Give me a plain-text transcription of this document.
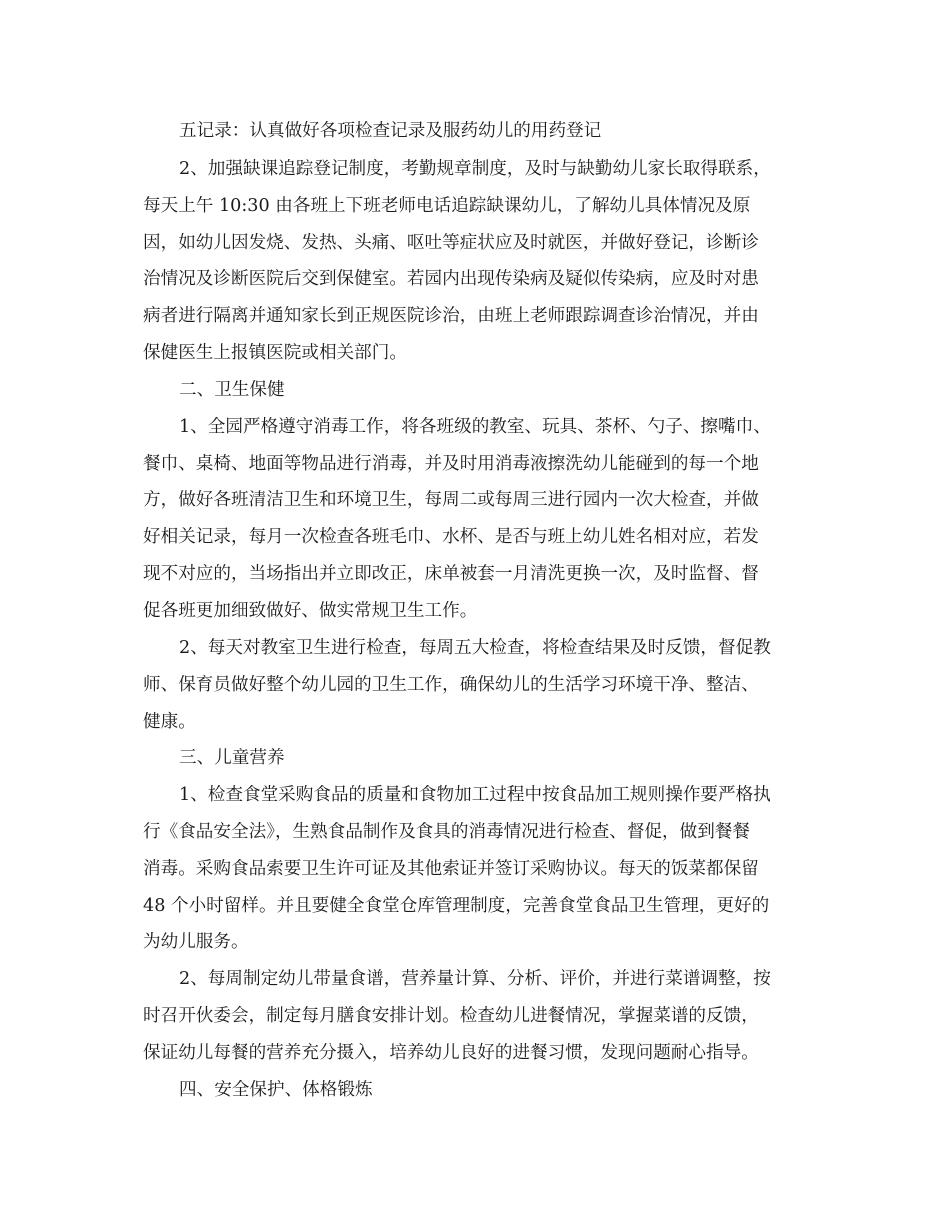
五记录：认真做好各项检查记录及服药幼儿的用药登记

2、加强缺课追踪登记制度，考勤规章制度，及时与缺勤幼儿家长取得联系，

每天上午 10:30 由各班上下班老师电话追踪缺课幼儿，了解幼儿具体情况及原

因，如幼儿因发烧、发热、头痛、呕吐等症状应及时就医，并做好登记，诊断诊

治情况及诊断医院后交到保健室。若园内出现传染病及疑似传染病，应及时对患

病者进行隔离并通知家长到正规医院诊治，由班上老师跟踪调查诊治情况，并由

保健医生上报镇医院或相关部门。

二、卫生保健

1、全园严格遵守消毒工作，将各班级的教室、玩具、茶杯、勺子、擦嘴巾、

餐巾、桌椅、地面等物品进行消毒，并及时用消毒液擦洗幼儿能碰到的每一个地

方，做好各班清洁卫生和环境卫生，每周二或每周三进行园内一次大检查，并做

好相关记录，每月一次检查各班毛巾、水杯、是否与班上幼儿姓名相对应，若发

现不对应的，当场指出并立即改正，床单被套一月清洗更换一次，及时监督、督

促各班更加细致做好、做实常规卫生工作。

2、每天对教室卫生进行检查，每周五大检查，将检查结果及时反馈，督促教

师、保育员做好整个幼儿园的卫生工作，确保幼儿的生活学习环境干净、整洁、

健康。

三、儿童营养

1、检查食堂采购食品的质量和食物加工过程中按食品加工规则操作要严格执

行《食品安全法》，生熟食品制作及食具的消毒情况进行检查、督促，做到餐餐

消毒。采购食品索要卫生许可证及其他索证并签订采购协议。每天的饭菜都保留

48 个小时留样。并且要健全食堂仓库管理制度，完善食堂食品卫生管理，更好的

为幼儿服务。

2、每周制定幼儿带量食谱，营养量计算、分析、评价，并进行菜谱调整，按

时召开伙委会，制定每月膳食安排计划。检查幼儿进餐情况，掌握菜谱的反馈，

保证幼儿每餐的营养充分摄入，培养幼儿良好的进餐习惯，发现问题耐心指导。

四、安全保护、体格锻炼
